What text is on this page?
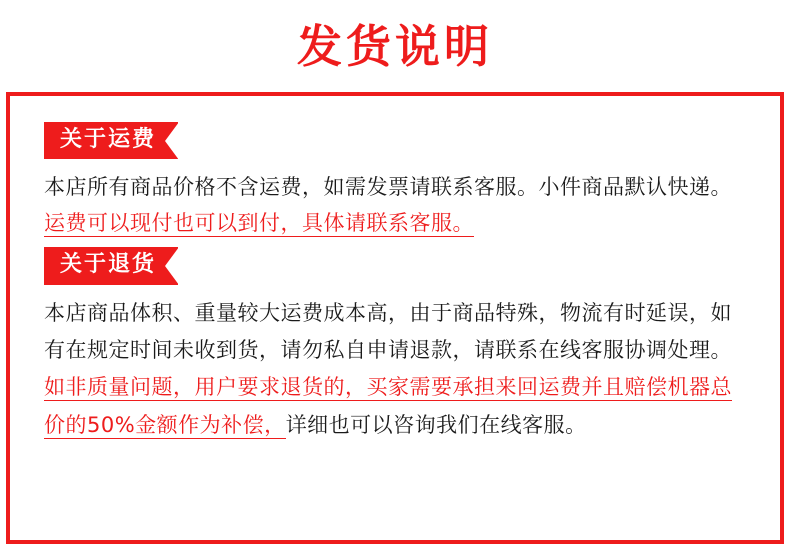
发货说明
关于运费
本店所有商品价格不含运费，如需发票请联系客服。小件商品默认快递。运费可以现付也可以到付，具体请联系客服。
关于退货
本店商品体积、重量较大运费成本高，由于商品特殊，物流有时延误，如有在规定时间未收到货，请勿私自申请退款，请联系在线客服协调处理。如非质量问题，用户要求退货的，买家需要承担来回运费并且赔偿机器总价的50%金额作为补偿，详细也可以咨询我们在线客服。
